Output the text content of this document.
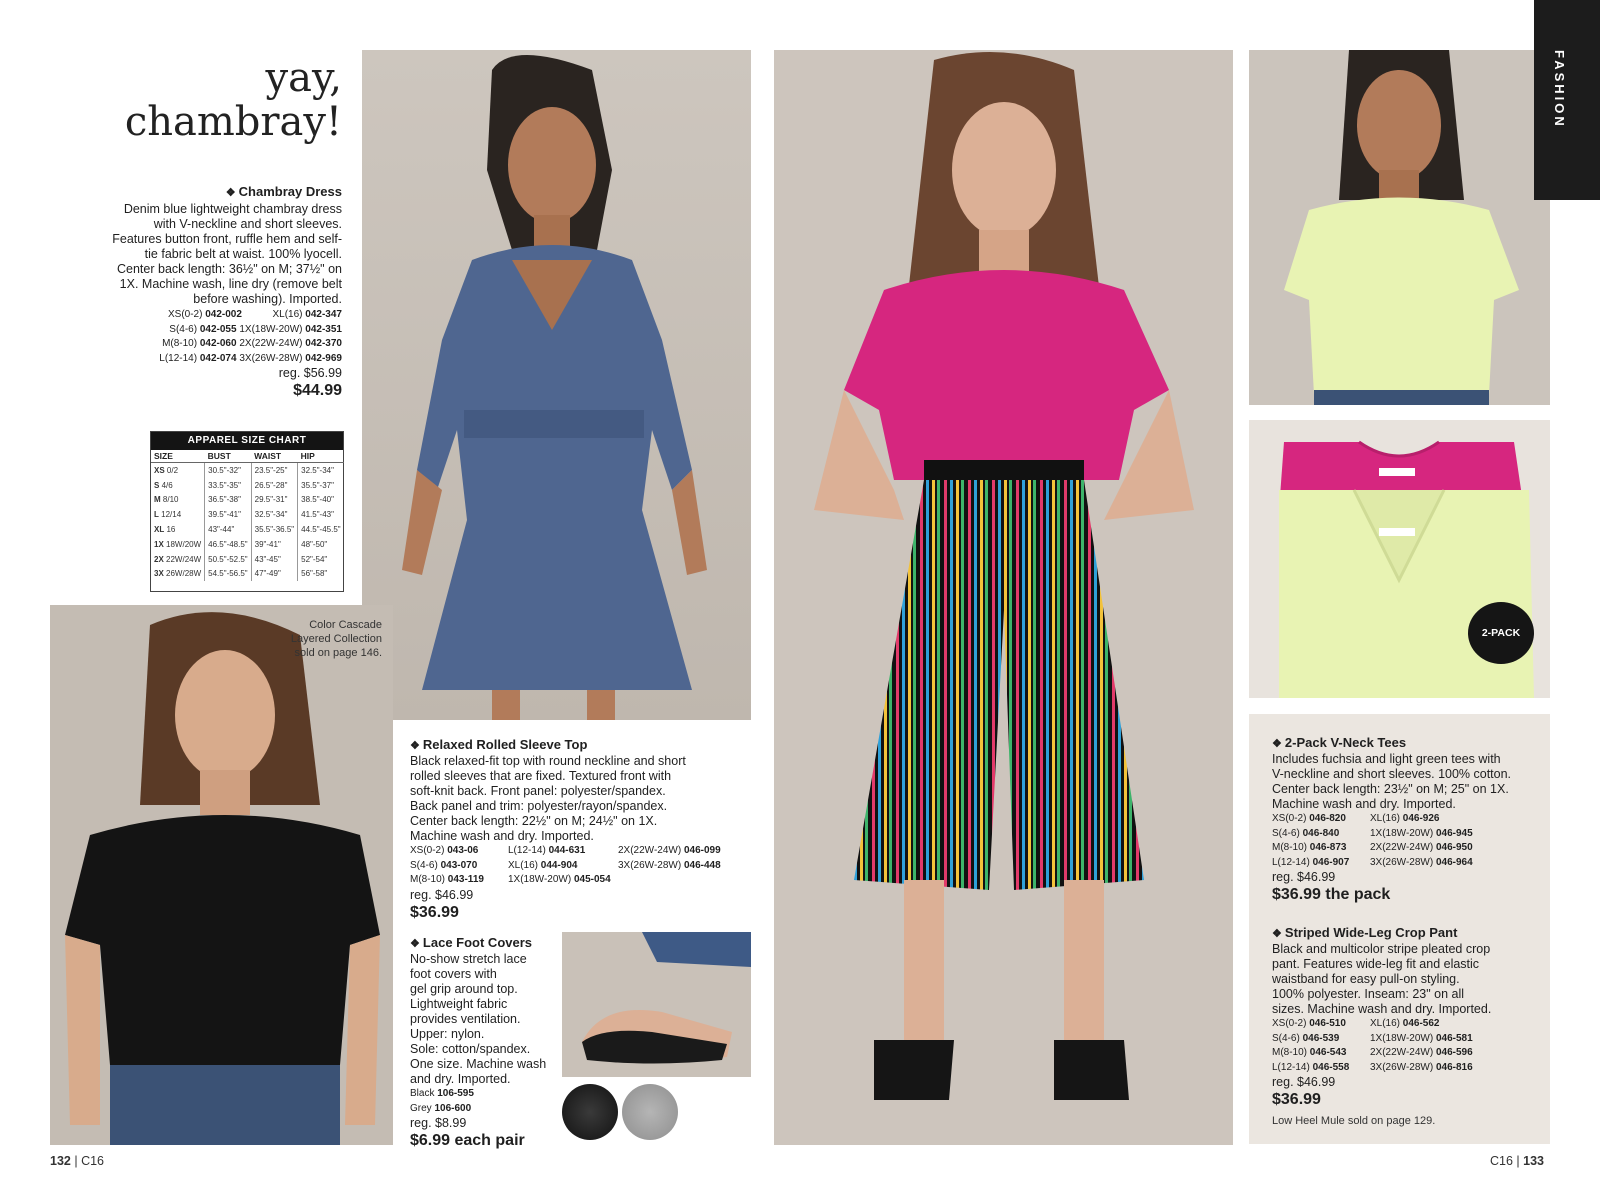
FASHION
yay,
chambray!
❖ Chambray Dress
Denim blue lightweight chambray dress with V-neckline and short sleeves. Features button front, ruffle hem and self-tie fabric belt at waist. 100% lyocell. Center back length: 36½" on M; 37½" on 1X. Machine wash, line dry (remove belt before washing). Imported.
XS(0-2) 042-002	XL(16) 042-347
S(4-6) 042-055 1X(18W-20W) 042-351
M(8-10) 042-060 2X(22W-24W) 042-370
L(12-14) 042-074 3X(26W-28W) 042-969
reg. $56.99
$44.99
APPAREL SIZE CHART
SIZE	BUST	WAIST	HIP
XS 0/2	30.5"-32"	23.5"-25"	32.5"-34"
S 4/6	33.5"-35"	26.5"-28"	35.5"-37"
M 8/10	36.5"-38"	29.5"-31"	38.5"-40"
L 12/14	39.5"-41"	32.5"-34"	41.5"-43"
XL 16	43"-44"	35.5"-36.5"	44.5"-45.5"
1X 18W/20W	46.5"-48.5"	39"-41"	48"-50"
2X 22W/24W	50.5"-52.5"	43"-45"	52"-54"
3X 26W/28W	54.5"-56.5"	47"-49"	56"-58"
Color Cascade
Layered Collection
sold on page 146.
❖ Relaxed Rolled Sleeve Top
Black relaxed-fit top with round neckline and short
rolled sleeves that are fixed. Textured front with
soft-knit back. Front panel: polyester/spandex.
Back panel and trim: polyester/rayon/spandex.
Center back length: 22½" on M; 24½" on 1X.
Machine wash and dry. Imported.
XS(0-2) 043-06	L(12-14) 044-631	2X(22W-24W) 046-099
S(4-6) 043-070	XL(16) 044-904	3X(26W-28W) 046-448
M(8-10) 043-119	1X(18W-20W) 045-054
reg. $46.99
$36.99
❖ Lace Foot Covers
No-show stretch lace
foot covers with
gel grip around top.
Lightweight fabric
provides ventilation.
Upper: nylon.
Sole: cotton/spandex.
One size. Machine wash
and dry. Imported.
Black 106-595
Grey 106-600
reg. $8.99
$6.99 each pair
2-PACK
❖ 2-Pack V-Neck Tees
Includes fuchsia and light green tees with
V-neckline and short sleeves. 100% cotton.
Center back length: 23½" on M; 25" on 1X.
Machine wash and dry. Imported.
XS(0-2) 046-820	XL(16) 046-926
S(4-6) 046-840	1X(18W-20W) 046-945
M(8-10) 046-873	2X(22W-24W) 046-950
L(12-14) 046-907	3X(26W-28W) 046-964
reg. $46.99
$36.99 the pack
❖ Striped Wide-Leg Crop Pant
Black and multicolor stripe pleated crop
pant. Features wide-leg fit and elastic
waistband for easy pull-on styling.
100% polyester. Inseam: 23" on all
sizes. Machine wash and dry. Imported.
XS(0-2) 046-510	XL(16) 046-562
S(4-6) 046-539	1X(18W-20W) 046-581
M(8-10) 046-543	2X(22W-24W) 046-596
L(12-14) 046-558	3X(26W-28W) 046-816
reg. $46.99
$36.99
Low Heel Mule sold on page 129.
132 | C16	C16 | 133
